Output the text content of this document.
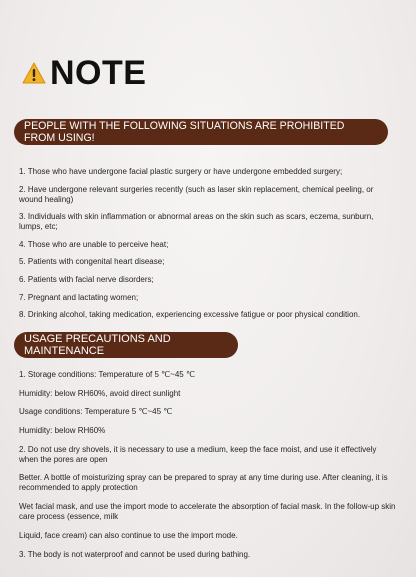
NOTE
PEOPLE WITH THE FOLLOWING SITUATIONS ARE PROHIBITED FROM USING!
1. Those who have undergone facial plastic surgery or have undergone embedded surgery;
2. Have undergone relevant surgeries recently (such as laser skin replacement, chemical peeling, or wound healing)
3. Individuals with skin inflammation or abnormal areas on the skin such as scars, eczema, sunburn, lumps, etc;
4. Those who are unable to perceive heat;
5. Patients with congenital heart disease;
6. Patients with facial nerve disorders;
7. Pregnant and lactating women;
8. Drinking alcohol, taking medication, experiencing excessive fatigue or poor physical condition.
USAGE PRECAUTIONS AND MAINTENANCE
1. Storage conditions: Temperature of 5 ℃~45 ℃
Humidity: below RH60%, avoid direct sunlight
Usage conditions: Temperature 5 ℃~45 ℃
Humidity: below RH60%
2. Do not use dry shovels, it is necessary to use a medium, keep the face moist, and use it effectively when the pores are open
Better. A bottle of moisturizing spray can be prepared to spray at any time during use. After cleaning, it is recommended to apply protection
Wet facial mask, and use the import mode to accelerate the absorption of facial mask. In the follow-up skin care process (essence, milk
Liquid, face cream) can also continue to use the import mode.
3. The body is not waterproof and cannot be used during bathing.
